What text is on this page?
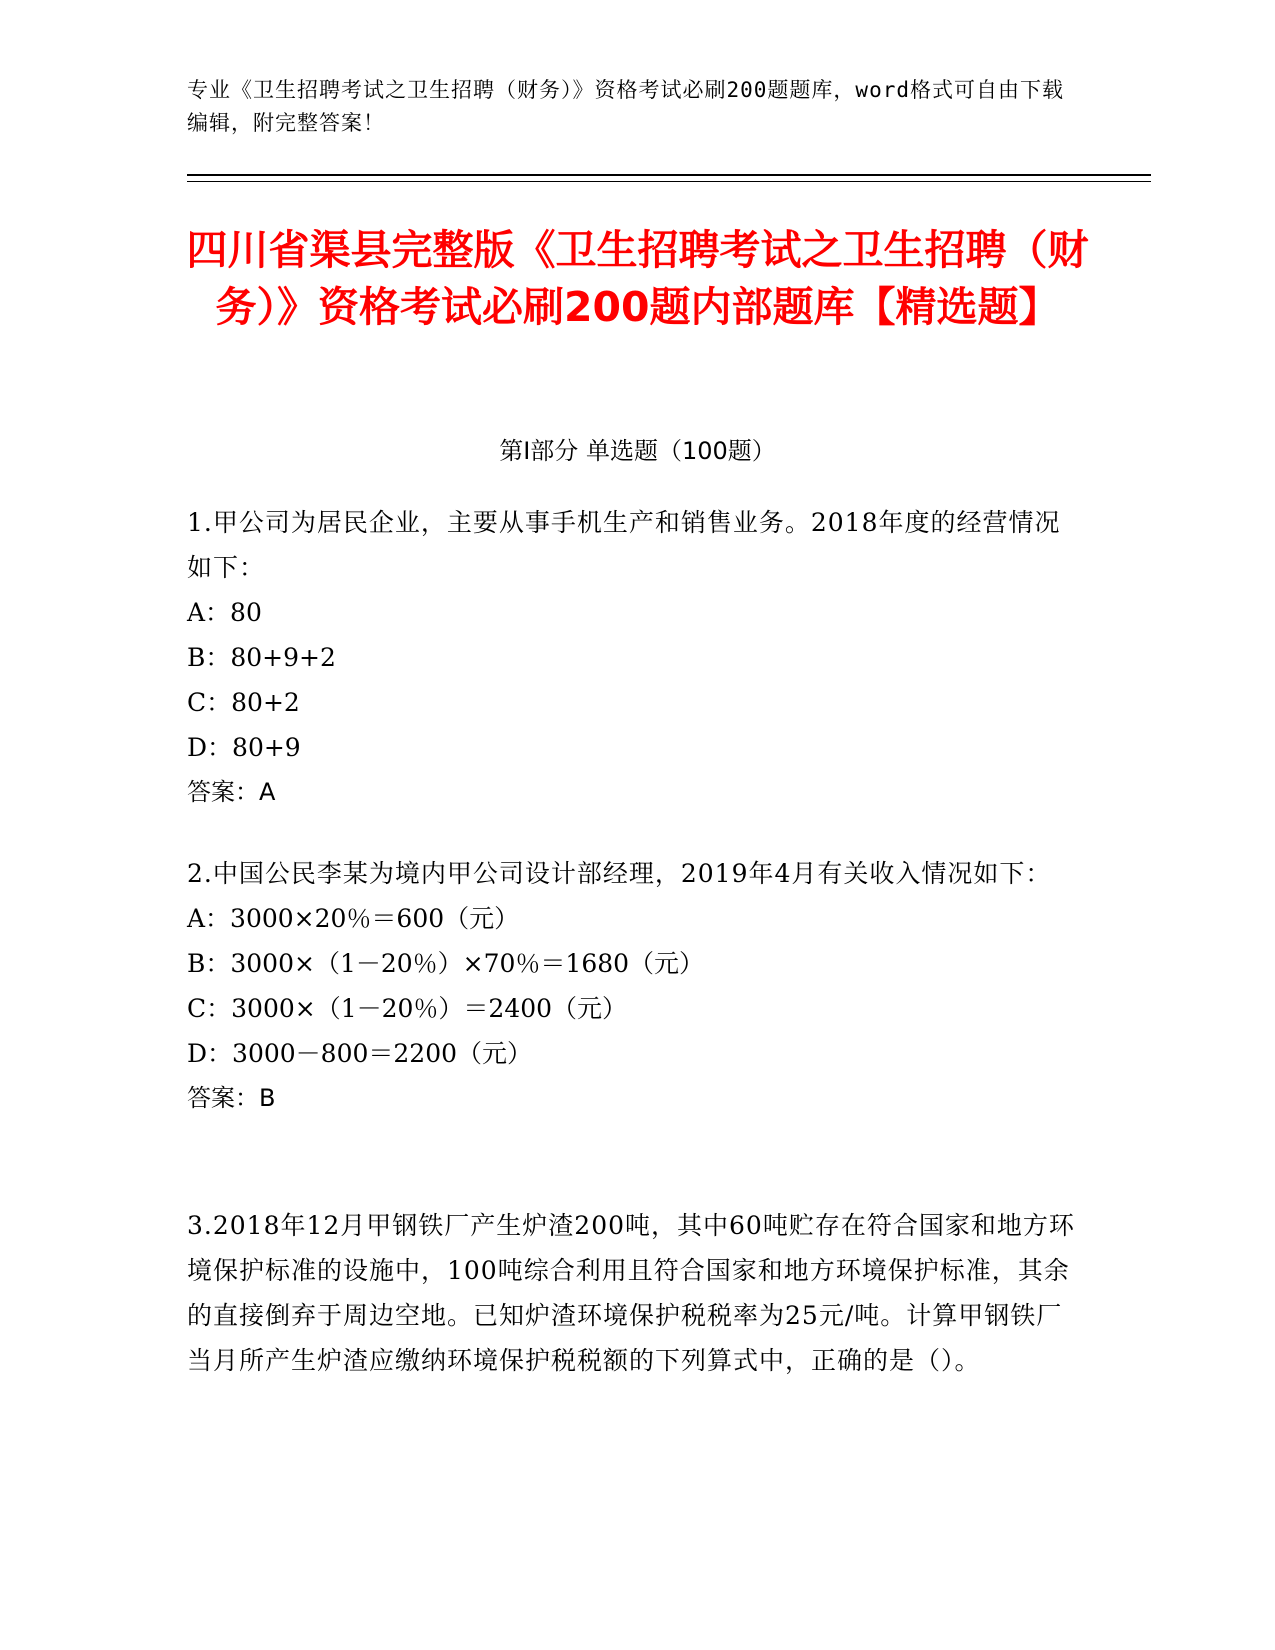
专业《卫生招聘考试之卫生招聘（财务）》资格考试必刷200题题库，word格式可自由下载编辑，附完整答案！
四川省渠县完整版《卫生招聘考试之卫生招聘（财务）》资格考试必刷200题内部题库【精选题】
第I部分 单选题（100题）
1.甲公司为居民企业，主要从事手机生产和销售业务。2018年度的经营情况如下：
A：80
B：80+9+2
C：80+2
D：80+9
答案：A
2.中国公民李某为境内甲公司设计部经理，2019年4月有关收入情况如下：
A：3000×20％＝600（元）
B：3000×（1－20％）×70％＝1680（元）
C：3000×（1－20％）＝2400（元）
D：3000－800＝2200（元）
答案：B
3.2018年12月甲钢铁厂产生炉渣200吨，其中60吨贮存在符合国家和地方环境保护标准的设施中，100吨综合利用且符合国家和地方环境保护标准，其余的直接倒弃于周边空地。已知炉渣环境保护税税率为25元/吨。计算甲钢铁厂当月所产生炉渣应缴纳环境保护税税额的下列算式中，正确的是（）。
